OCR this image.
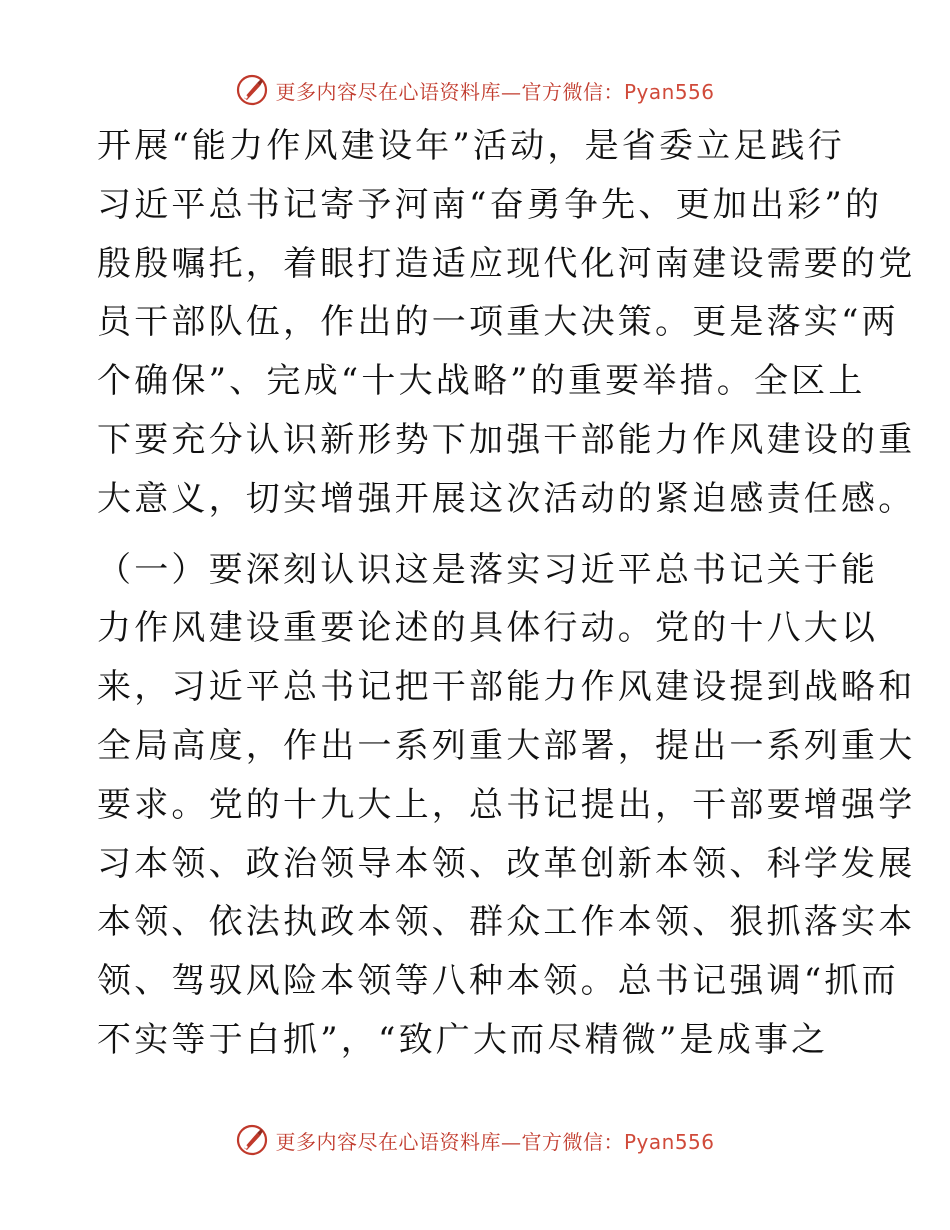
更多内容尽在心语资料库—官方微信：Pyan556
开展“能力作风建设年”活动，是省委立足践行
习近平总书记寄予河南“奋勇争先、更加出彩”的
殷殷嘱托，着眼打造适应现代化河南建设需要的党
员干部队伍，作出的一项重大决策。更是落实“两
个确保”、完成“十大战略”的重要举措。全区上
下要充分认识新形势下加强干部能力作风建设的重
大意义，切实增强开展这次活动的紧迫感责任感。
（一）要深刻认识这是落实习近平总书记关于能
力作风建设重要论述的具体行动。党的十八大以
来，习近平总书记把干部能力作风建设提到战略和
全局高度，作出一系列重大部署，提出一系列重大
要求。党的十九大上，总书记提出，干部要增强学
习本领、政治领导本领、改革创新本领、科学发展
本领、依法执政本领、群众工作本领、狠抓落实本
领、驾驭风险本领等八种本领。总书记强调“抓而
不实等于白抓”，“致广大而尽精微”是成事之
更多内容尽在心语资料库—官方微信：Pyan556
